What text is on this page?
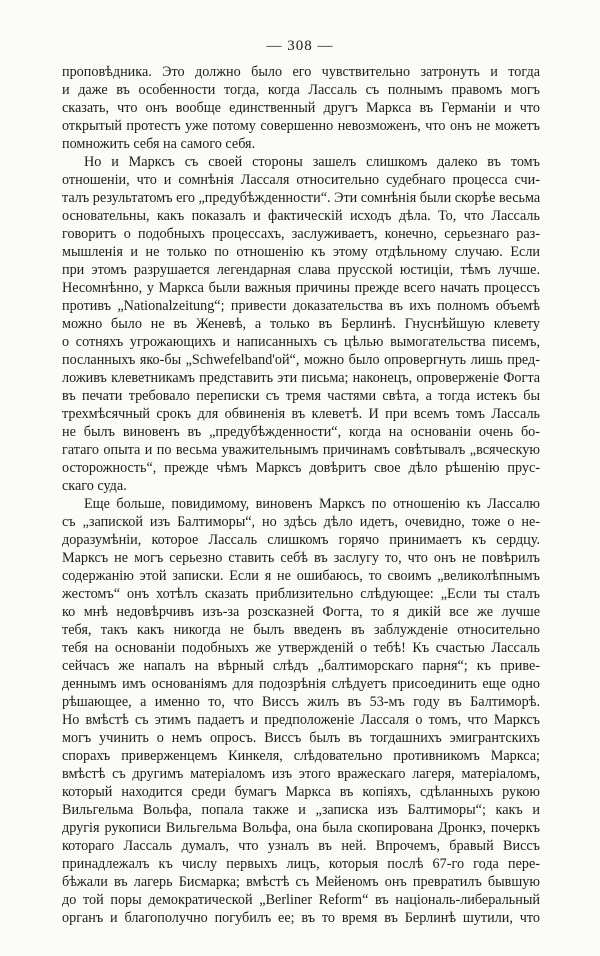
— 308 —
проповѣдника. Это должно было его чувствительно затронуть и тогда
и даже въ особенности тогда, когда Лассаль съ полнымъ правомъ могъ
сказать, что онъ вообще единственный другъ Маркса въ Германіи и что
открытый протестъ уже потому совершенно невозможенъ, что онъ не можетъ
помножить себя на самого себя.
Но и Марксъ съ своей стороны зашелъ слишкомъ далеко въ томъ
отношеніи, что и сомнѣнія Лассаля относительно судебнаго процесса счи-
талъ результатомъ его „предубѣжденности“. Эти сомнѣнія были скорѣе весьма
основательны, какъ показалъ и фактическій исходъ дѣла. То, что Лассаль
говоритъ о подобныхъ процессахъ, заслуживаетъ, конечно, серьезнаго раз-
мышленія и не только по отношенію къ этому отдѣльному случаю. Если
при этомъ разрушается легендарная слава прусской юстиціи, тѣмъ лучше.
Несомнѣнно, у Маркса были важныя причины прежде всего начать процессъ
противъ „Nationalzeitung“; привести доказательства въ ихъ полномъ объемѣ
можно было не въ Женевѣ, а только въ Берлинѣ. Гнуснѣйшую клевету
о сотняхъ угрожающихъ и написанныхъ съ цѣлью вымогательства писемъ,
посланныхъ яко-бы „Schwefelband'ой“, можно было опровергнуть лишь пред-
ложивъ клеветникамъ представить эти письма; наконецъ, опроверженіе Фогта
въ печати требовало переписки съ тремя частями свѣта, а тогда истекъ бы
трехмѣсячный срокъ для обвиненія въ клеветѣ. И при всемъ томъ Лассаль
не былъ виновенъ въ „предубѣжденности“, когда на основаніи очень бо-
гатаго опыта и по весьма уважительнымъ причинамъ совѣтывалъ „всяческую
осторожность“, прежде чѣмъ Марксъ довѣритъ свое дѣло рѣшенію прус-
скаго суда.
Еще больше, повидимому, виновенъ Марксъ по отношенію къ Лассалю
съ „запиской изъ Балтиморы“, но здѣсь дѣло идетъ, очевидно, тоже о не-
доразумѣніи, которое Лассаль слишкомъ горячо принимаетъ къ сердцу.
Марксъ не могъ серьезно ставить себѣ въ заслугу то, что онъ не повѣрилъ
содержанію этой записки. Если я не ошибаюсь, то своимъ „великолѣпнымъ
жестомъ“ онъ хотѣлъ сказать приблизительно слѣдующее: „Если ты сталъ
ко мнѣ недовѣрчивъ изъ-за розсказней Фогта, то я дикій все же лучше
тебя, такъ какъ никогда не былъ введенъ въ заблужденіе относительно
тебя на основаніи подобныхъ же утвержденій о тебѣ! Къ счастью Лассаль
сейчасъ же напалъ на вѣрный слѣдъ „балтиморскаго парня“; къ приве-
деннымъ имъ основаніямъ для подозрѣнія слѣдуетъ присоединить еще одно
рѣшающее, а именно то, что Виссъ жилъ въ 53-мъ году въ Балтиморѣ.
Но вмѣстѣ съ этимъ падаетъ и предположеніе Лассаля о томъ, что Марксъ
могъ учинить о немъ опросъ. Виссъ былъ въ тогдашнихъ эмигрантскихъ
спорахъ приверженцемъ Кинкеля, слѣдовательно противникомъ Маркса;
вмѣстѣ съ другимъ матеріаломъ изъ этого вражескаго лагеря, матеріаломъ,
который находится среди бумагъ Маркса въ копіяхъ, сдѣланныхъ рукою
Вильгельма Вольфа, попала также и „записка изъ Балтиморы“; какъ и
другія рукописи Вильгельма Вольфа, она была скопирована Дронкэ, почеркъ
котораго Лассаль думалъ, что узналъ въ ней. Впрочемъ, бравый Виссъ
принадлежалъ къ числу первыхъ лицъ, которыя послѣ 67-го года пере-
бѣжали въ лагерь Бисмарка; вмѣстѣ съ Мейеномъ онъ превратилъ бывшую
до той поры демократической „Berliner Reform“ въ національ-либеральный
органъ и благополучно погубилъ ее; въ то время въ Берлинѣ шутили, что
